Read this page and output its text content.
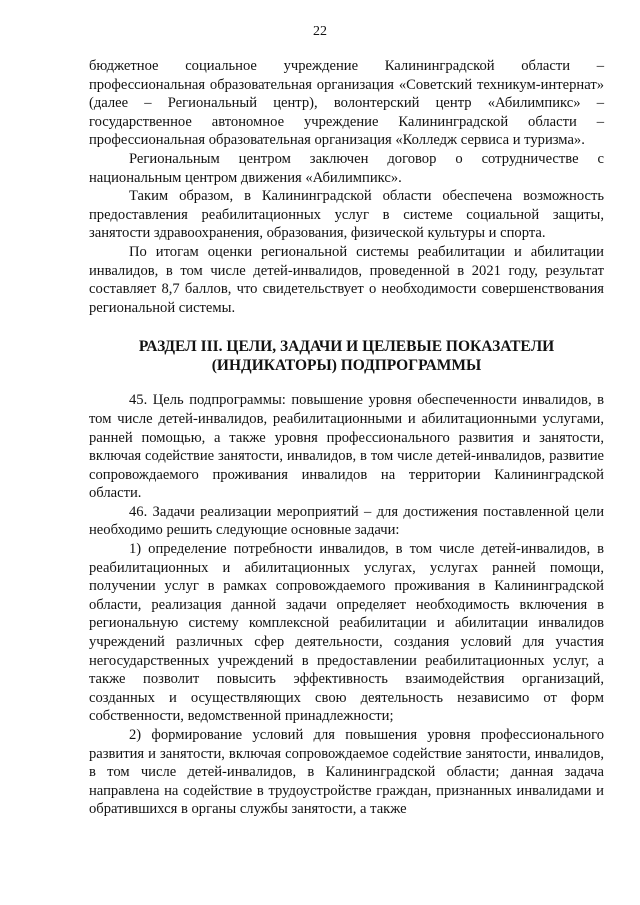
22

бюджетное социальное учреждение Калининградской области – профессиональная образовательная организация «Советский техникум-интернат» (далее – Региональный центр), волонтерский центр «Абилимпикс» – государственное автономное учреждение Калининградской области – профессиональная образовательная организация «Колледж сервиса и туризма».

Региональным центром заключен договор о сотрудничестве с национальным центром движения «Абилимпикс».

Таким образом, в Калининградской области обеспечена возможность предоставления реабилитационных услуг в системе социальной защиты, занятости здравоохранения, образования, физической культуры и спорта.

По итогам оценки региональной системы реабилитации и абилитации инвалидов, в том числе детей-инвалидов, проведенной в 2021 году, результат составляет 8,7 баллов, что свидетельствует о необходимости совершенствования региональной системы.

РАЗДЕЛ III. ЦЕЛИ, ЗАДАЧИ И ЦЕЛЕВЫЕ ПОКАЗАТЕЛИ
(ИНДИКАТОРЫ) ПОДПРОГРАММЫ

45. Цель подпрограммы: повышение уровня обеспеченности инвалидов, в том числе детей-инвалидов, реабилитационными и абилитационными услугами, ранней помощью, а также уровня профессионального развития и занятости, включая содействие занятости, инвалидов, в том числе детей-инвалидов, развитие сопровождаемого проживания инвалидов на территории Калининградской области.

46. Задачи реализации мероприятий – для достижения поставленной цели необходимо решить следующие основные задачи:

1) определение потребности инвалидов, в том числе детей-инвалидов, в реабилитационных и абилитационных услугах, услугах ранней помощи, получении услуг в рамках сопровождаемого проживания в Калининградской области, реализация данной задачи определяет необходимость включения в региональную систему комплексной реабилитации и абилитации инвалидов учреждений различных сфер деятельности, создания условий для участия негосударственных учреждений в предоставлении реабилитационных услуг, а также позволит повысить эффективность взаимодействия организаций, созданных и осуществляющих свою деятельность независимо от форм собственности, ведомственной принадлежности;

2) формирование условий для повышения уровня профессионального развития и занятости, включая сопровождаемое содействие занятости, инвалидов, в том числе детей-инвалидов, в Калининградской области; данная задача направлена на содействие в трудоустройстве граждан, признанных инвалидами и обратившихся в органы службы занятости, а также
